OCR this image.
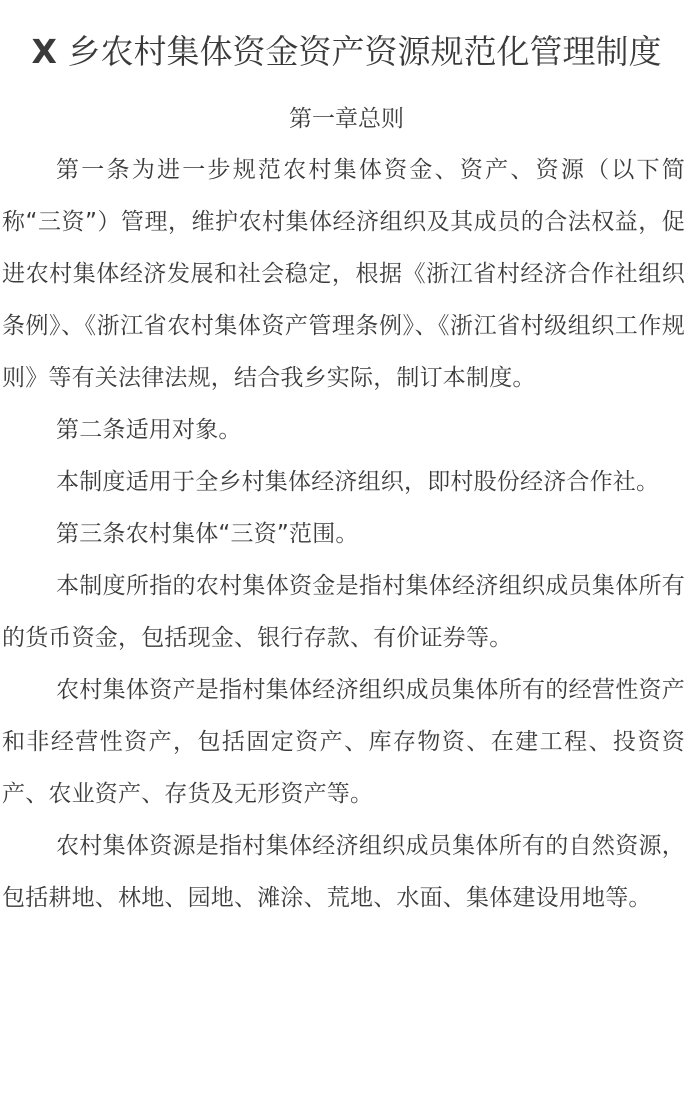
X 乡农村集体资金资产资源规范化管理制度

第一章总则

第一条为进一步规范农村集体资金、资产、资源（以下简称“三资”）管理，维护农村集体经济组织及其成员的合法权益，促进农村集体经济发展和社会稳定，根据《浙江省村经济合作社组织条例》、《浙江省农村集体资产管理条例》、《浙江省村级组织工作规则》等有关法律法规，结合我乡实际，制订本制度。

第二条适用对象。

本制度适用于全乡村集体经济组织，即村股份经济合作社。

第三条农村集体“三资”范围。

本制度所指的农村集体资金是指村集体经济组织成员集体所有的货币资金，包括现金、银行存款、有价证券等。

农村集体资产是指村集体经济组织成员集体所有的经营性资产和非经营性资产，包括固定资产、库存物资、在建工程、投资资产、农业资产、存货及无形资产等。

农村集体资源是指村集体经济组织成员集体所有的自然资源，包括耕地、林地、园地、滩涂、荒地、水面、集体建设用地等。
